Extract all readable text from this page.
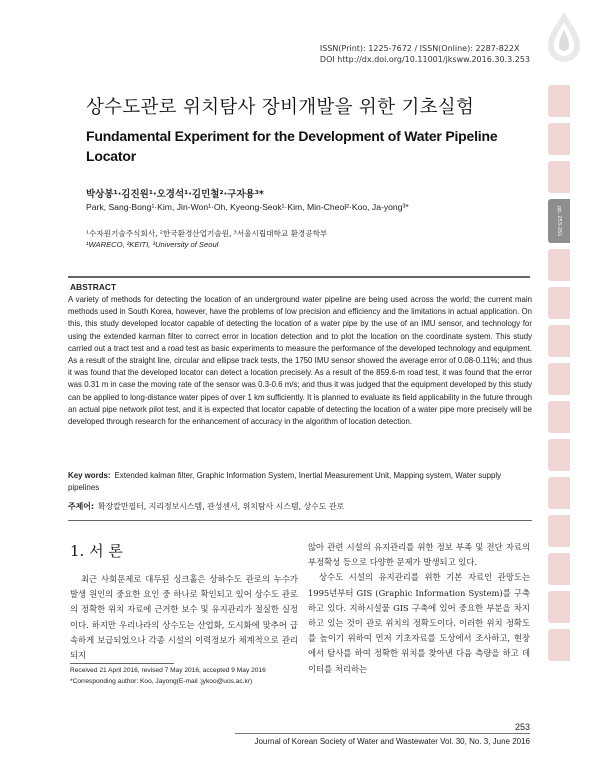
ISSN(Print): 1225-7672 / ISSN(Online): 2287-822X
DOI http://dx.doi.org/10.11001/jksww.2016.30.3.253
pp. 253-261
상수도관로 위치탐사 장비개발을 위한 기초실험
Fundamental Experiment for the Development of Water Pipeline Locator
박상봉¹·김진원¹·오경석¹·김민철²·구자용³*
Park, Sang-Bong¹·Kim, Jin-Won¹·Oh, Kyeong-Seok¹·Kim, Min-Cheol²·Koo, Ja-yong³*
¹수자원기술주식회사, ²한국환경산업기술원, ³서울시립대학교 환경공학부
¹WARECO, ²KEITI, ³University of Seoul
ABSTRACT
A variety of methods for detecting the location of an underground water pipeline are being used across the world; the current main methods used in South Korea, however, have the problems of low precision and efficiency and the limitations in actual application. On this, this study developed locator capable of detecting the location of a water pipe by the use of an IMU sensor, and technology for using the extended karman filter to correct error in location detection and to plot the location on the coordinate system. This study carried out a tract test and a road test as basic experiments to measure the performance of the developed technology and equipment. As a result of the straight line, circular and ellipse track tests, the 1750 IMU sensor showed the average error of 0.08-0.11%; and thus it was found that the developed locator can detect a location precisely. As a result of the 859.6-m road test, it was found that the error was 0.31 m in case the moving rate of the sensor was 0.3-0.6 m/s; and thus it was judged that the equipment developed by this study can be applied to long-distance water pipes of over 1 km sufficiently. It is planned to evaluate its field applicability in the future through an actual pipe network pilot test, and it is expected that locator capable of detecting the location of a water pipe more precisely will be developed through research for the enhancement of accuracy in the algorithm of location detection.
Key words: Extended kalman filter, Graphic Information System, Inertial Measurement Unit, Mapping system, Water supply pipelines
주제어: 확장칼만필터, 지리정보시스템, 관성센서, 위치탐사 시스템, 상수도 관로
1. 서 론

최근 사회문제로 대두된 싱크홀은 상하수도 관로의 누수가 발생 원인의 중요한 요인 중 하나로 확인되고 있어 상수도 관로의 정확한 위치 자료에 근거한 보수 및 유지관리가 절실한 실정이다. 하지만 우리나라의 상수도는 산업화, 도시화에 맞추어 급속하게 보급되었으나 각종 시설의 이력정보가 체계적으로 관리되지

않아 관련 시설의 유지관리를 위한 정보 부족 및 전단 자료의 부정확성 등으로 다양한 문제가 발생되고 있다.

상수도 시설의 유지관리를 위한 기본 자료인 관망도는 1995년부터 GIS (Graphic Information System)를 구축하고 있다. 지하시설물 GIS 구축에 있어 중요한 부분을 차지하고 있는 것이 관로 위치의 정확도이다. 이러한 위치 정확도를 높이기 위하여 먼저 기초자료를 도상에서 조사하고, 현장에서 탐사를 하여 정확한 위치를 찾아낸 다음 측량을 하고 데이터를 처리하는

Received 21 April 2016, revised 7 May 2016, accepted 9 May 2016
*Corresponding author: Koo, Jayong(E-mail :jykoo@uos.ac.kr)
253
Journal of Korean Society of Water and Wastewater Vol. 30, No. 3, June 2016
